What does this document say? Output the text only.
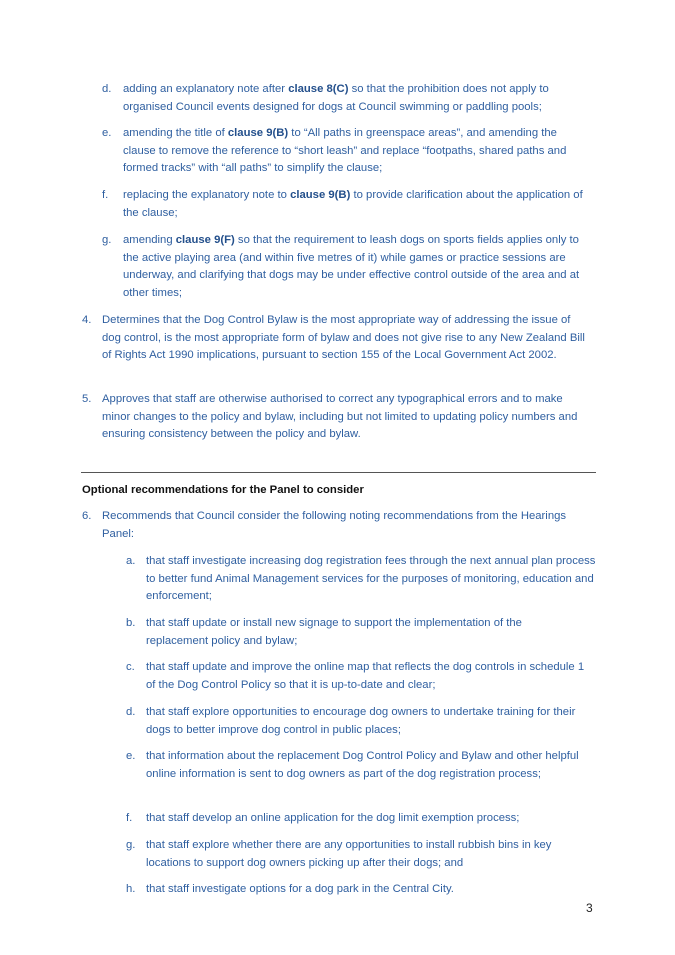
d. adding an explanatory note after clause 8(C) so that the prohibition does not apply to organised Council events designed for dogs at Council swimming or paddling pools;
e. amending the title of clause 9(B) to “All paths in greenspace areas”, and amending the clause to remove the reference to “short leash” and replace “footpaths, shared paths and formed tracks” with “all paths” to simplify the clause;
f. replacing the explanatory note to clause 9(B) to provide clarification about the application of the clause;
g. amending clause 9(F) so that the requirement to leash dogs on sports fields applies only to the active playing area (and within five metres of it) while games or practice sessions are underway, and clarifying that dogs may be under effective control outside of the area and at other times;
4. Determines that the Dog Control Bylaw is the most appropriate way of addressing the issue of dog control, is the most appropriate form of bylaw and does not give rise to any New Zealand Bill of Rights Act 1990 implications, pursuant to section 155 of the Local Government Act 2002.
5. Approves that staff are otherwise authorised to correct any typographical errors and to make minor changes to the policy and bylaw, including but not limited to updating policy numbers and ensuring consistency between the policy and bylaw.
Optional recommendations for the Panel to consider
6. Recommends that Council consider the following noting recommendations from the Hearings Panel:
a. that staff investigate increasing dog registration fees through the next annual plan process to better fund Animal Management services for the purposes of monitoring, education and enforcement;
b. that staff update or install new signage to support the implementation of the replacement policy and bylaw;
c. that staff update and improve the online map that reflects the dog controls in schedule 1 of the Dog Control Policy so that it is up-to-date and clear;
d. that staff explore opportunities to encourage dog owners to undertake training for their dogs to better improve dog control in public places;
e. that information about the replacement Dog Control Policy and Bylaw and other helpful online information is sent to dog owners as part of the dog registration process;
f. that staff develop an online application for the dog limit exemption process;
g. that staff explore whether there are any opportunities to install rubbish bins in key locations to support dog owners picking up after their dogs; and
h. that staff investigate options for a dog park in the Central City.
3
